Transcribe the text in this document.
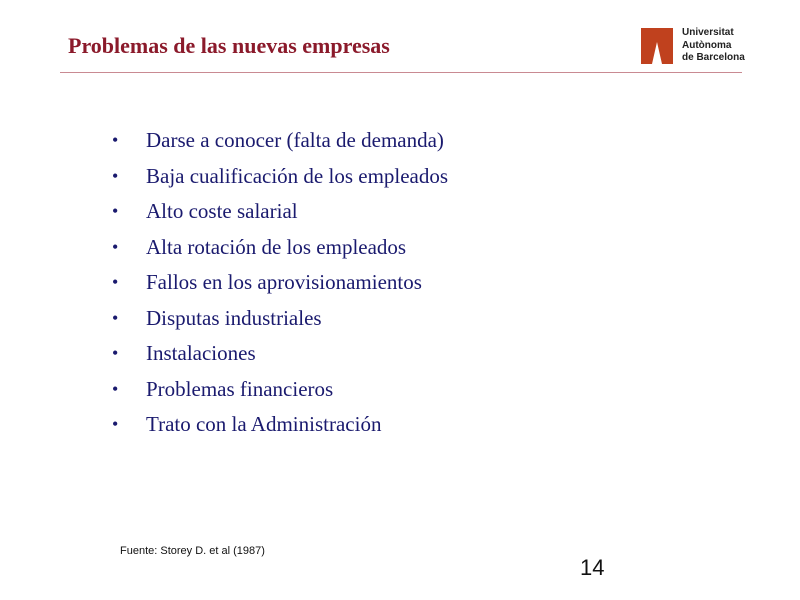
Problemas de las nuevas empresas
Universitat
Autònoma
de Barcelona
• Darse a conocer (falta de demanda)
• Baja cualificación de los empleados
• Alto coste salarial
• Alta rotación de los empleados
• Fallos en los aprovisionamientos
• Disputas industriales
• Instalaciones
• Problemas financieros
• Trato con la Administración
Fuente: Storey D. et al (1987)
14
